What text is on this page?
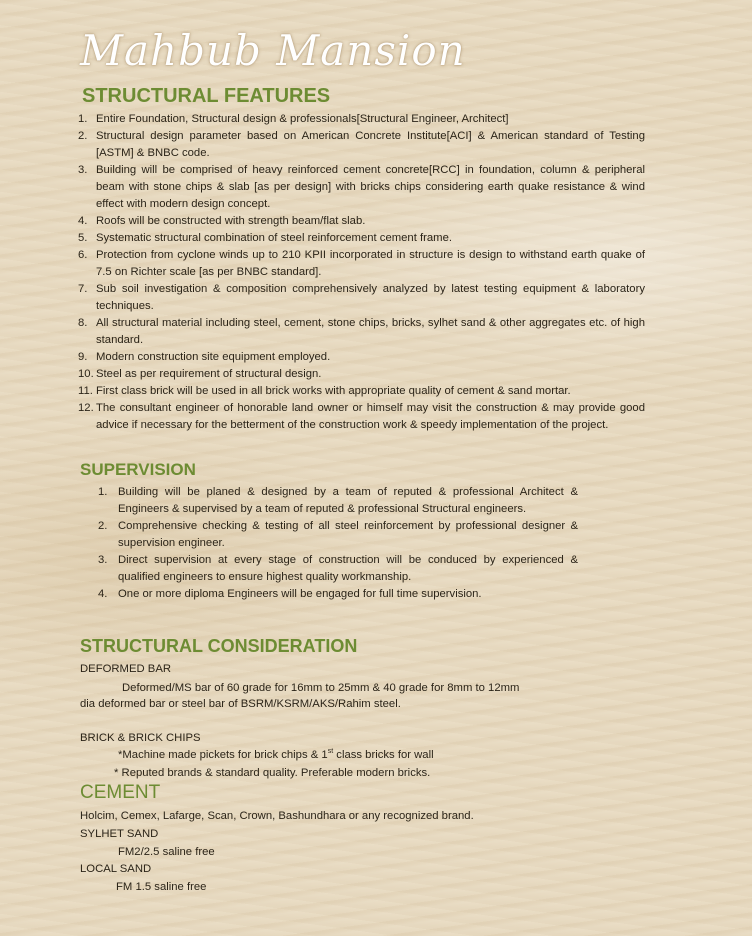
Mahbub Mansion
STRUCTURAL FEATURES
1. Entire Foundation, Structural design & professionals[Structural Engineer, Architect]
2. Structural design parameter based on American Concrete Institute[ACI] & American standard of Testing [ASTM] & BNBC code.
3. Building will be comprised of heavy reinforced cement concrete[RCC] in foundation, column & peripheral beam with stone chips & slab [as per design] with bricks chips considering earth quake resistance & wind effect with modern design concept.
4. Roofs will be constructed with strength beam/flat slab.
5. Systematic structural combination of steel reinforcement cement frame.
6. Protection from cyclone winds up to 210 KPII incorporated in structure is design to withstand earth quake of 7.5 on Richter scale [as per BNBC standard].
7. Sub soil investigation & composition comprehensively analyzed by latest testing equipment & laboratory techniques.
8. All structural material including steel, cement, stone chips, bricks, sylhet sand & other aggregates etc. of high standard.
9. Modern construction site equipment employed.
10. Steel as per requirement of structural design.
11. First class brick will be used in all brick works with appropriate quality of cement & sand mortar.
12. The consultant engineer of honorable land owner or himself may visit the construction & may provide good advice if necessary for the betterment of the construction work & speedy implementation of the project.
SUPERVISION
1. Building will be planed & designed by a team of reputed & professional Architect & Engineers & supervised by a team of reputed & professional Structural engineers.
2. Comprehensive checking & testing of all steel reinforcement by professional designer & supervision engineer.
3. Direct supervision at every stage of construction will be conduced by experienced & qualified engineers to ensure highest quality workmanship.
4. One or more diploma Engineers will be engaged for full time supervision.
STRUCTURAL CONSIDERATION
DEFORMED BAR
Deformed/MS bar of 60 grade for 16mm to 25mm & 40 grade for 8mm to 12mm
dia deformed bar or steel bar of BSRM/KSRM/AKS/Rahim steel.
BRICK & BRICK CHIPS
*Machine made pickets for brick chips & 1st class bricks for wall
* Reputed brands & standard quality. Preferable modern bricks.
CEMENT
Holcim, Cemex, Lafarge, Scan, Crown, Bashundhara or any recognized brand.
SYLHET SAND
FM2/2.5 saline free
LOCAL SAND
FM 1.5 saline free
